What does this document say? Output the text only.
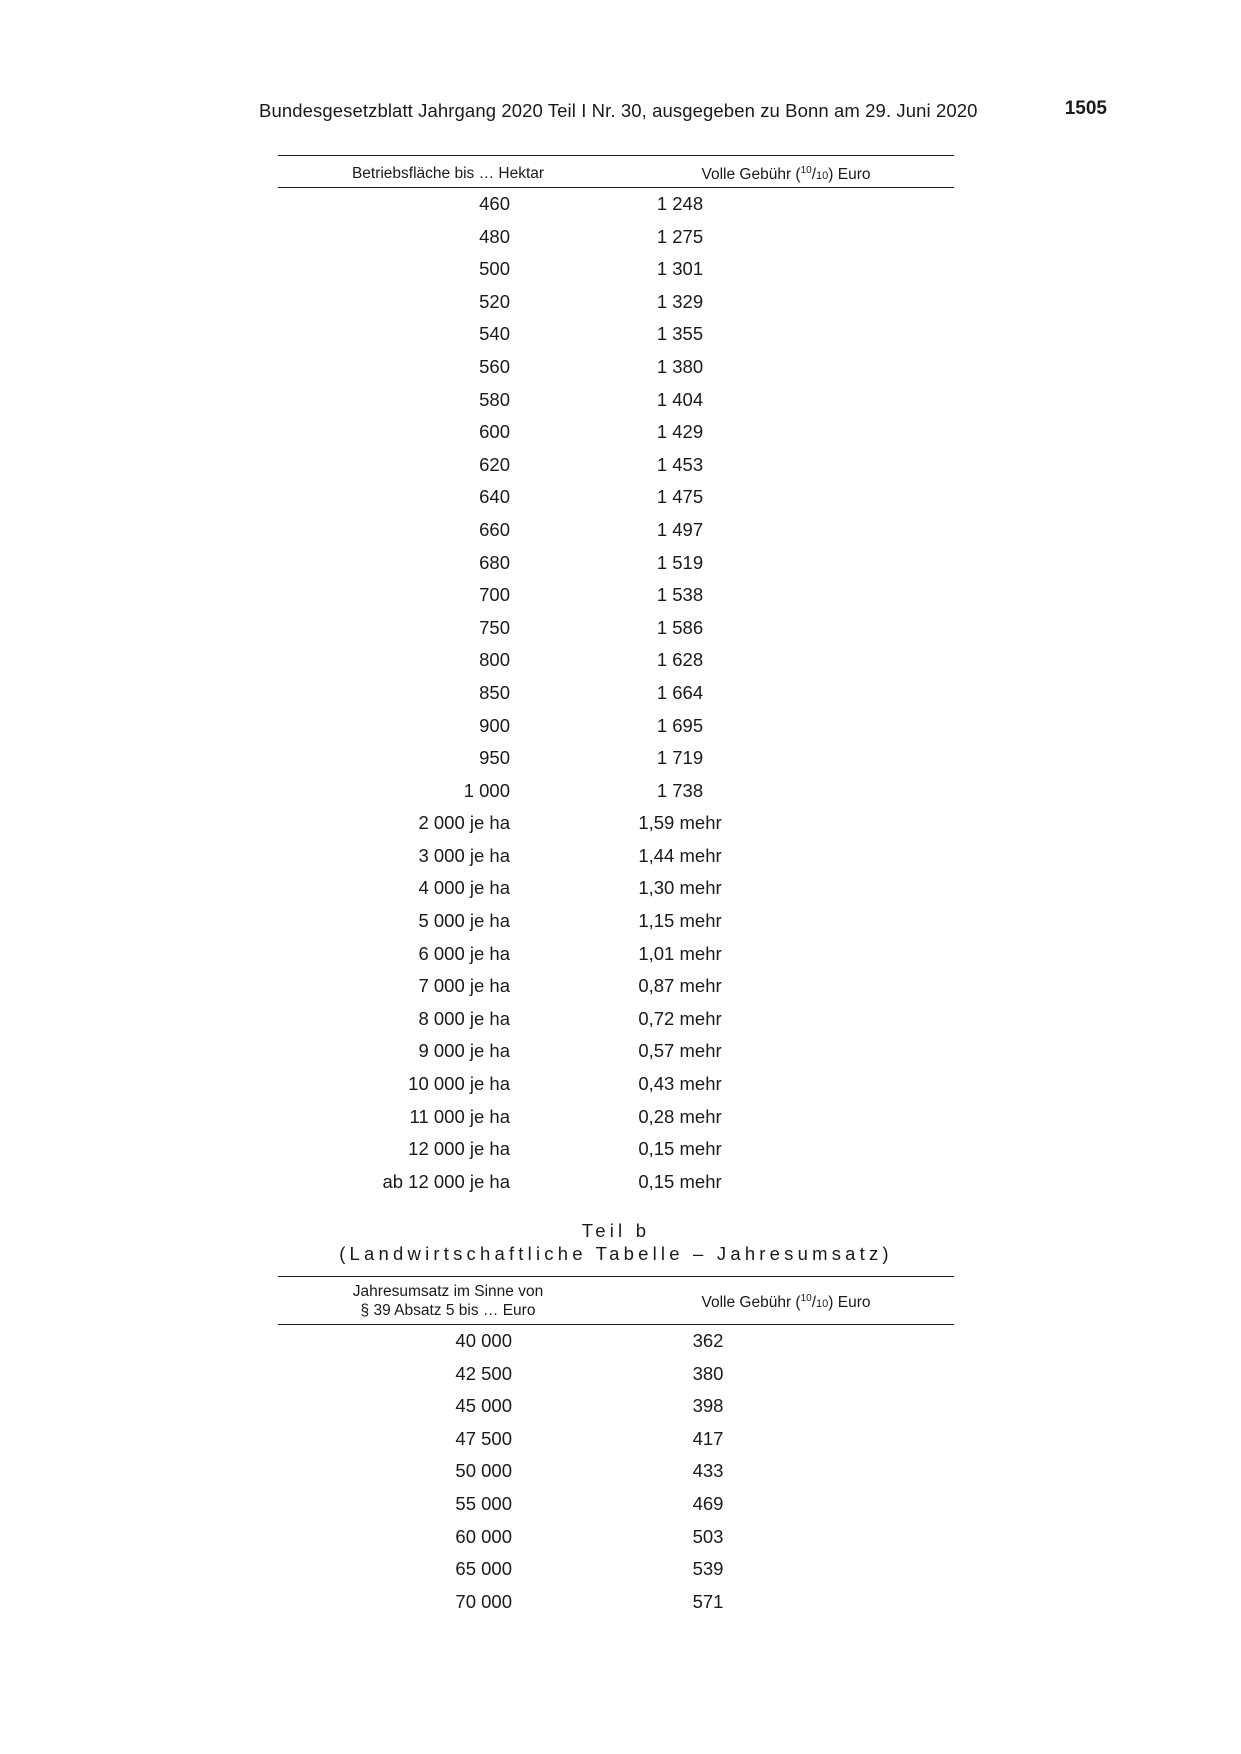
Bundesgesetzblatt Jahrgang 2020 Teil I Nr. 30, ausgegeben zu Bonn am 29. Juni 2020	1505
Betriebsfläche bis … Hektar	Volle Gebühr ($^{10}$/10) Euro
460	1 248
480	1 275
500	1 301
520	1 329
540	1 355
560	1 380
580	1 404
600	1 429
620	1 453
640	1 475
660	1 497
680	1 519
700	1 538
750	1 586
800	1 628
850	1 664
900	1 695
950	1 719
1 000	1 738
2 000 je ha	1,59 mehr
3 000 je ha	1,44 mehr
4 000 je ha	1,30 mehr
5 000 je ha	1,15 mehr
6 000 je ha	1,01 mehr
7 000 je ha	0,87 mehr
8 000 je ha	0,72 mehr
9 000 je ha	0,57 mehr
10 000 je ha	0,43 mehr
11 000 je ha	0,28 mehr
12 000 je ha	0,15 mehr
ab 12 000 je ha	0,15 mehr
Teil b
(Landwirtschaftliche Tabelle – Jahresumsatz)
Jahresumsatz im Sinne von
§ 39 Absatz 5 bis … Euro	Volle Gebühr ($^{10}$/10) Euro
40 000	362
42 500	380
45 000	398
47 500	417
50 000	433
55 000	469
60 000	503
65 000	539
70 000	571
